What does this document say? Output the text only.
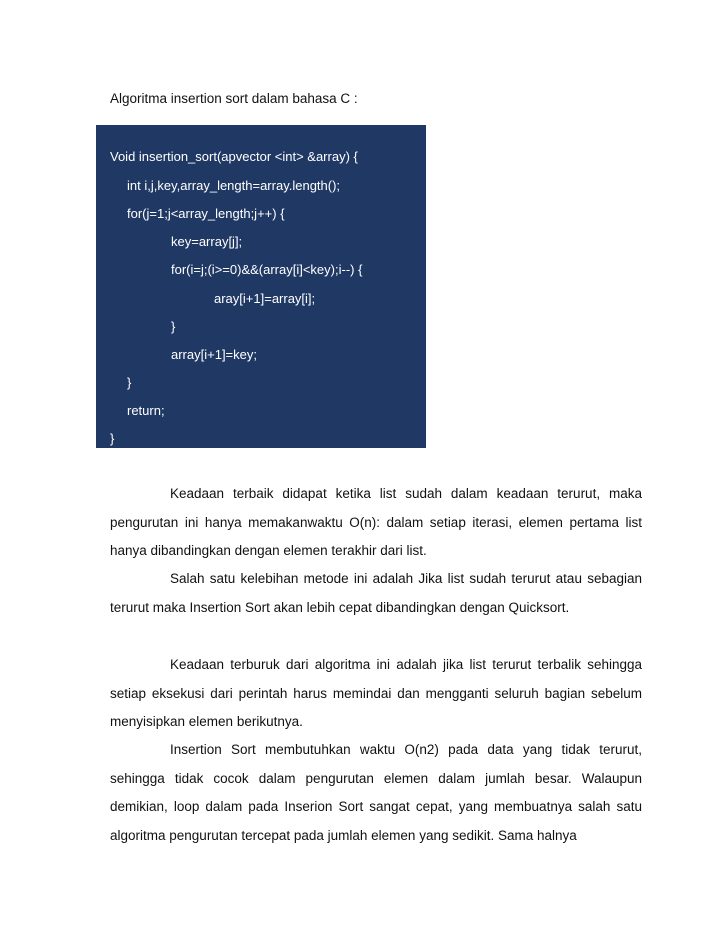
Algoritma insertion sort dalam bahasa C :
Void insertion_sort(apvector <int> &array) {
int i,j,key,array_length=array.length();
for(j=1;j<array_length;j++) {
key=array[j];
for(i=j;(i>=0)&&(array[i]<key);i--) {
aray[i+1]=array[i];
}
array[i+1]=key;
}
return;
}

Keadaan terbaik didapat ketika list sudah dalam keadaan terurut, maka pengurutan ini hanya memakanwaktu O(n): dalam setiap iterasi, elemen pertama list hanya dibandingkan dengan elemen terakhir dari list.

Salah satu kelebihan metode ini adalah Jika list sudah terurut atau sebagian terurut maka Insertion Sort akan lebih cepat dibandingkan dengan Quicksort.

Keadaan terburuk dari algoritma ini adalah jika list terurut terbalik sehingga setiap eksekusi dari perintah harus memindai dan mengganti seluruh bagian sebelum menyisipkan elemen berikutnya.

Insertion Sort membutuhkan waktu O(n2) pada data yang tidak terurut, sehingga tidak cocok dalam pengurutan elemen dalam jumlah besar. Walaupun demikian, loop dalam pada Inserion Sort sangat cepat, yang membuatnya salah satu algoritma pengurutan tercepat pada jumlah elemen yang sedikit. Sama halnya
